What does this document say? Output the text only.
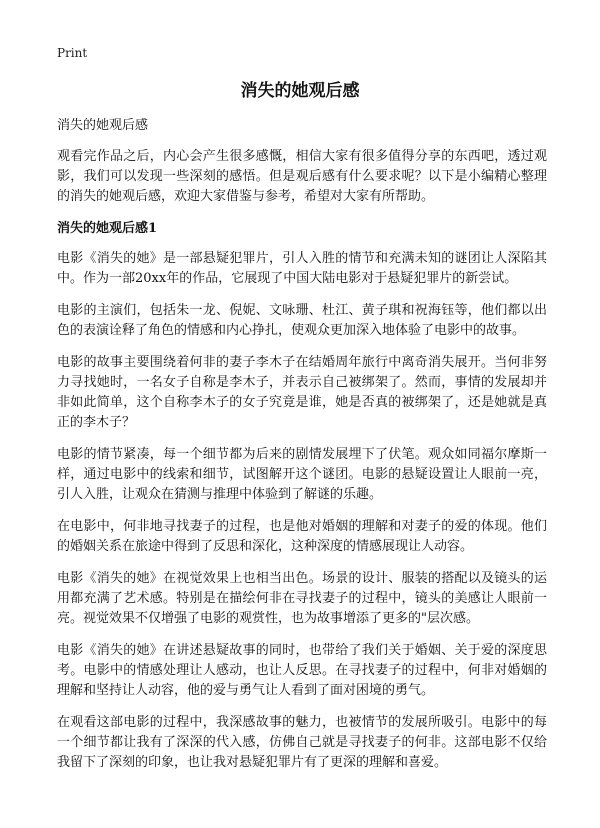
Print
消失的她观后感
消失的她观后感

观看完作品之后，内心会产生很多感慨，相信大家有很多值得分享的东西吧，透过观影，我们可以发现一些深刻的感悟。但是观后感有什么要求呢？以下是小编精心整理的消失的她观后感，欢迎大家借鉴与参考，希望对大家有所帮助。

消失的她观后感1

电影《消失的她》是一部悬疑犯罪片，引人入胜的情节和充满未知的谜团让人深陷其中。作为一部20xx年的作品，它展现了中国大陆电影对于悬疑犯罪片的新尝试。

电影的主演们，包括朱一龙、倪妮、文咏珊、杜江、黄子琪和祝海钰等，他们都以出色的表演诠释了角色的情感和内心挣扎，使观众更加深入地体验了电影中的故事。

电影的故事主要围绕着何非的妻子李木子在结婚周年旅行中离奇消失展开。当何非努力寻找她时，一名女子自称是李木子，并表示自己被绑架了。然而，事情的发展却并非如此简单，这个自称李木子的女子究竟是谁，她是否真的被绑架了，还是她就是真正的李木子？

电影的情节紧凑，每一个细节都为后来的剧情发展埋下了伏笔。观众如同福尔摩斯一样，通过电影中的线索和细节，试图解开这个谜团。电影的悬疑设置让人眼前一亮，引人入胜，让观众在猜测与推理中体验到了解谜的乐趣。

在电影中，何非地寻找妻子的过程，也是他对婚姻的理解和对妻子的爱的体现。他们的婚姻关系在旅途中得到了反思和深化，这种深度的情感展现让人动容。

电影《消失的她》在视觉效果上也相当出色。场景的设计、服装的搭配以及镜头的运用都充满了艺术感。特别是在描绘何非在寻找妻子的过程中，镜头的美感让人眼前一亮。视觉效果不仅增强了电影的观赏性，也为故事增添了更多的"层次感。

电影《消失的她》在讲述悬疑故事的同时，也带给了我们关于婚姻、关于爱的深度思考。电影中的情感处理让人感动，也让人反思。在寻找妻子的过程中，何非对婚姻的理解和坚持让人动容，他的爱与勇气让人看到了面对困境的勇气。

在观看这部电影的过程中，我深感故事的魅力，也被情节的发展所吸引。电影中的每一个细节都让我有了深深的代入感，仿佛自己就是寻找妻子的何非。这部电影不仅给我留下了深刻的印象，也让我对悬疑犯罪片有了更深的理解和喜爱。
